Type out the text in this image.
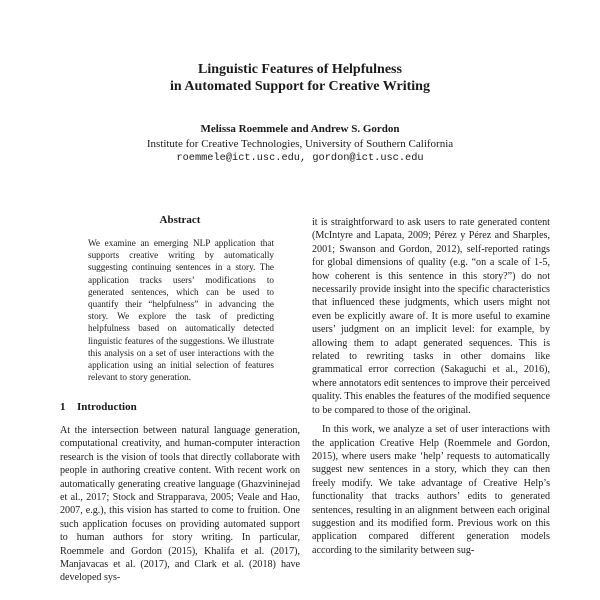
Linguistic Features of Helpfulness
in Automated Support for Creative Writing
Melissa Roemmele and Andrew S. Gordon
Institute for Creative Technologies, University of Southern California
roemmele@ict.usc.edu, gordon@ict.usc.edu
Abstract

We examine an emerging NLP application that supports creative writing by automatically suggesting continuing sentences in a story. The application tracks users’ modifications to generated sentences, which can be used to quantify their “helpfulness” in advancing the story. We explore the task of predicting helpfulness based on automatically detected linguistic features of the suggestions. We illustrate this analysis on a set of user interactions with the application using an initial selection of features relevant to story generation.

1 Introduction

At the intersection between natural language generation, computational creativity, and human-computer interaction research is the vision of tools that directly collaborate with people in authoring creative content. With recent work on automatically generating creative language (Ghazvininejad et al., 2017; Stock and Strapparava, 2005; Veale and Hao, 2007, e.g.), this vision has started to come to fruition. One such application focuses on providing automated support to human authors for story writing. In particular, Roemmele and Gordon (2015), Khalifa et al. (2017), Manjavacas et al. (2017), and Clark et al. (2018) have developed sys-

it is straightforward to ask users to rate generated content (McIntyre and Lapata, 2009; Pérez y Pérez and Sharples, 2001; Swanson and Gordon, 2012), self-reported ratings for global dimensions of quality (e.g. “on a scale of 1-5, how coherent is this sentence in this story?”) do not necessarily provide insight into the specific characteristics that influenced these judgments, which users might not even be explicitly aware of. It is more useful to examine users’ judgment on an implicit level: for example, by allowing them to adapt generated sequences. This is related to rewriting tasks in other domains like grammatical error correction (Sakaguchi et al., 2016), where annotators edit sentences to improve their perceived quality. This enables the features of the modified sequence to be compared to those of the original.

In this work, we analyze a set of user interactions with the application Creative Help (Roemmele and Gordon, 2015), where users make ‘help’ requests to automatically suggest new sentences in a story, which they can then freely modify. We take advantage of Creative Help’s functionality that tracks authors’ edits to generated sentences, resulting in an alignment between each original suggestion and its modified form. Previous work on this application compared different generation models according to the similarity between sug-
